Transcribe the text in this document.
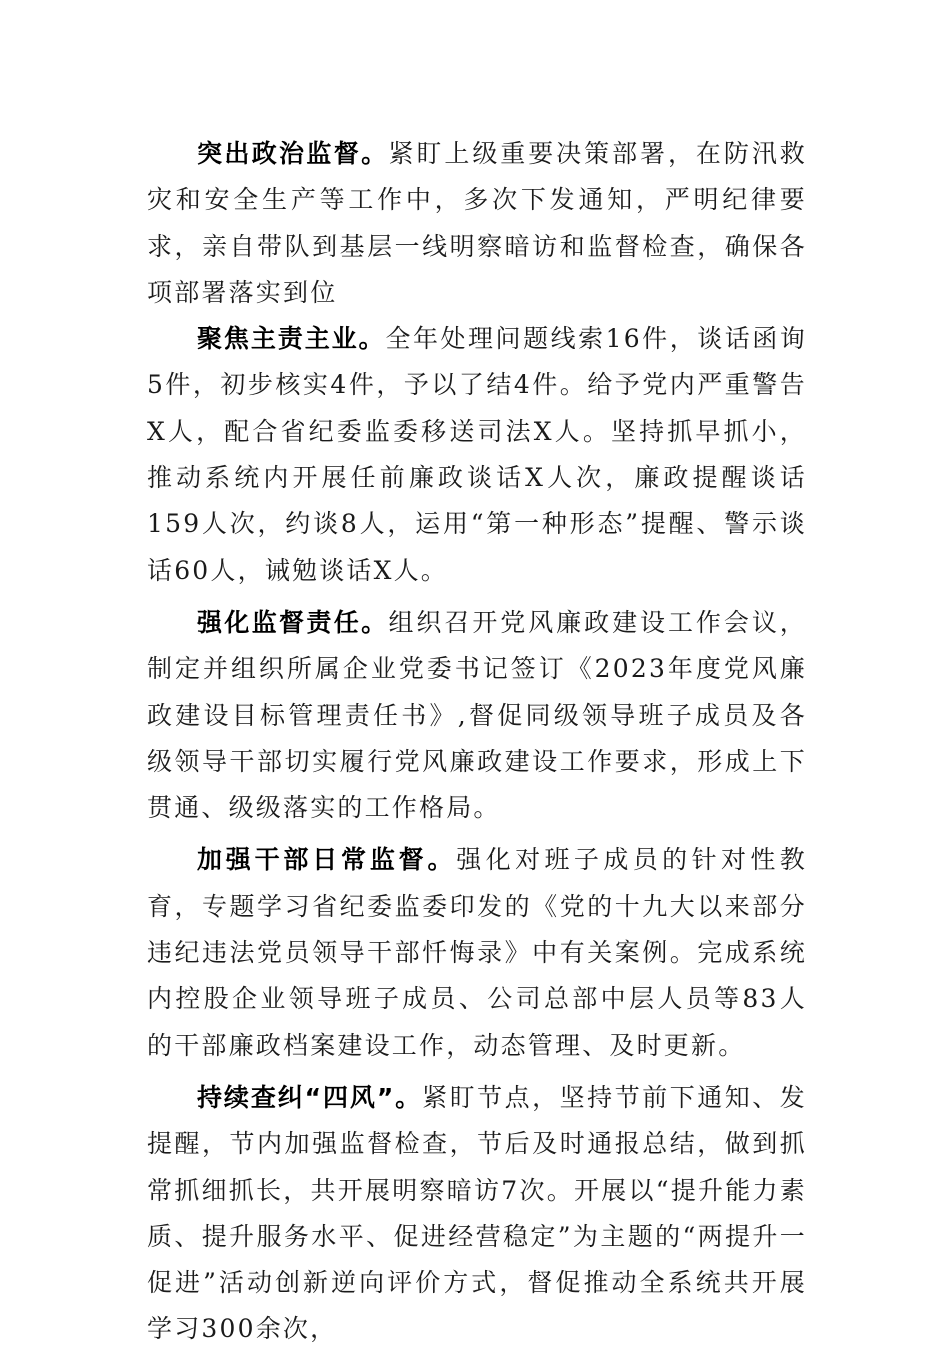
突出政治监督。紧盯上级重要决策部署，在防汛救灾和安全生产等工作中，多次下发通知，严明纪律要求，亲自带队到基层一线明察暗访和监督检查，确保各项部署落实到位

聚焦主责主业。全年处理问题线索16件，谈话函询5件，初步核实4件，予以了结4件。给予党内严重警告X人，配合省纪委监委移送司法X人。坚持抓早抓小，推动系统内开展任前廉政谈话X人次，廉政提醒谈话159人次，约谈8人，运用“第一种形态”提醒、警示谈话60人，诫勉谈话X人。

强化监督责任。组织召开党风廉政建设工作会议，制定并组织所属企业党委书记签订《2023年度党风廉政建设目标管理责任书》,督促同级领导班子成员及各级领导干部切实履行党风廉政建设工作要求，形成上下贯通、级级落实的工作格局。

加强干部日常监督。强化对班子成员的针对性教育，专题学习省纪委监委印发的《党的十九大以来部分违纪违法党员领导干部忏悔录》中有关案例。完成系统内控股企业领导班子成员、公司总部中层人员等83人的干部廉政档案建设工作，动态管理、及时更新。

持续查纠“四风”。紧盯节点，坚持节前下通知、发提醒，节内加强监督检查，节后及时通报总结，做到抓常抓细抓长，共开展明察暗访7次。开展以“提升能力素质、提升服务水平、促进经营稳定”为主题的“两提升一促进”活动创新逆向评价方式，督促推动全系统共开展学习300余次，
